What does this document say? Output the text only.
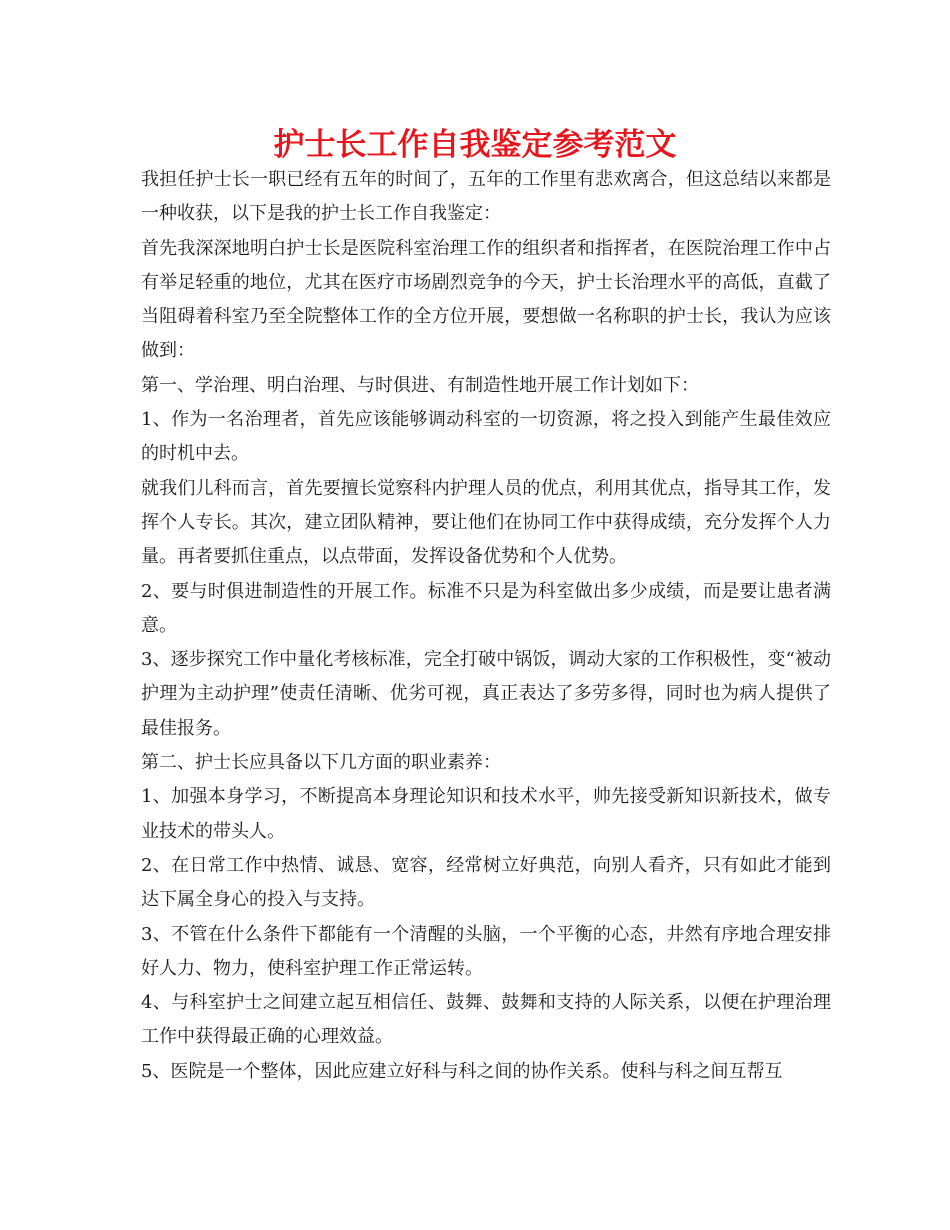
护士长工作自我鉴定参考范文

我担任护士长一职已经有五年的时间了，五年的工作里有悲欢离合，但这总结以来都是一种收获，以下是我的护士长工作自我鉴定：

首先我深深地明白护士长是医院科室治理工作的组织者和指挥者，在医院治理工作中占有举足轻重的地位，尤其在医疗市场剧烈竞争的今天，护士长治理水平的高低，直截了当阻碍着科室乃至全院整体工作的全方位开展，要想做一名称职的护士长，我认为应该做到：

第一、学治理、明白治理、与时俱进、有制造性地开展工作计划如下：

1、作为一名治理者，首先应该能够调动科室的一切资源，将之投入到能产生最佳效应的时机中去。

就我们儿科而言，首先要擅长觉察科内护理人员的优点，利用其优点，指导其工作，发挥个人专长。其次，建立团队精神，要让他们在协同工作中获得成绩，充分发挥个人力量。再者要抓住重点，以点带面，发挥设备优势和个人优势。

2、要与时俱进制造性的开展工作。标准不只是为科室做出多少成绩，而是要让患者满意。

3、逐步探究工作中量化考核标准，完全打破中锅饭，调动大家的工作积极性，变“被动护理为主动护理”使责任清晰、优劣可视，真正表达了多劳多得，同时也为病人提供了最佳报务。

第二、护士长应具备以下几方面的职业素养：

1、加强本身学习，不断提高本身理论知识和技术水平，帅先接受新知识新技术，做专业技术的带头人。

2、在日常工作中热情、诚恳、宽容，经常树立好典范，向别人看齐，只有如此才能到达下属全身心的投入与支持。

3、不管在什么条件下都能有一个清醒的头脑，一个平衡的心态，井然有序地合理安排好人力、物力，使科室护理工作正常运转。

4、与科室护士之间建立起互相信任、鼓舞、鼓舞和支持的人际关系，以便在护理治理工作中获得最正确的心理效益。

5、医院是一个整体，因此应建立好科与科之间的协作关系。使科与科之间互帮互
